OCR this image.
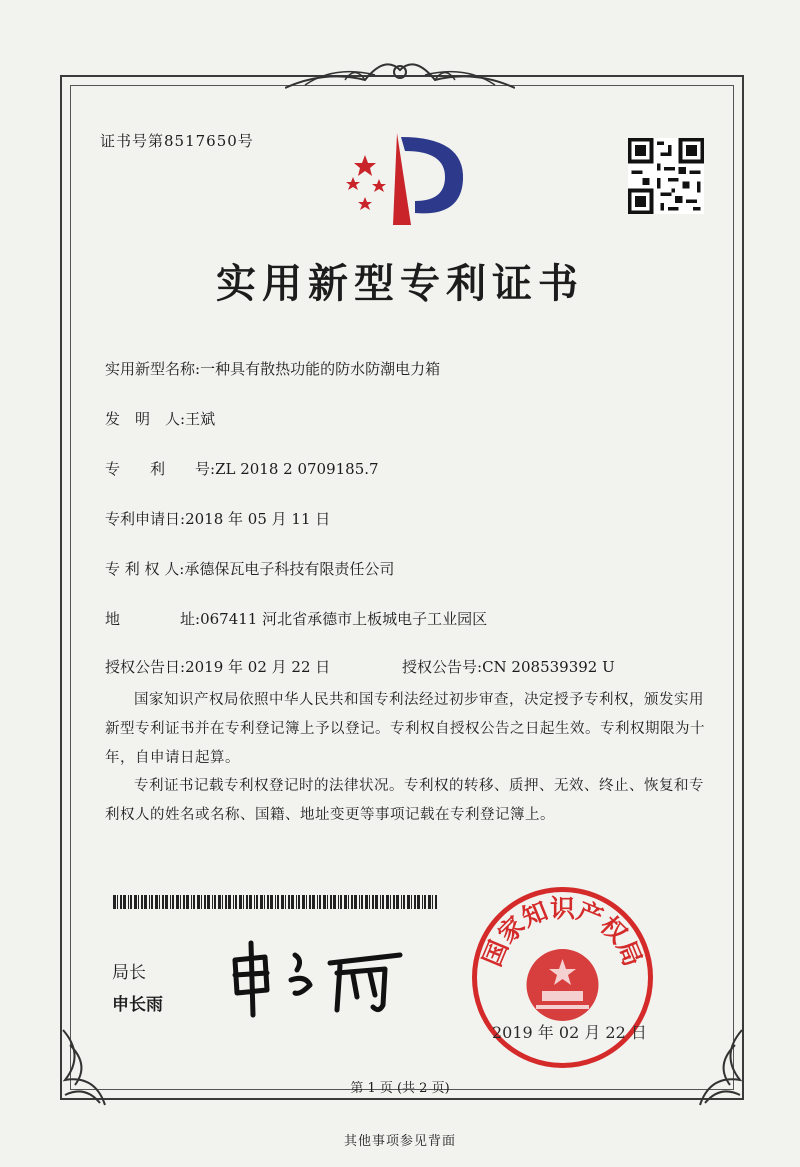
证书号第8517650号
实用新型专利证书
实用新型名称:一种具有散热功能的防水防潮电力箱
发　明　人:王斌
专　　利　　号:ZL 2018 2 0709185.7
专利申请日:2018 年 05 月 11 日
专 利 权 人:承德保瓦电子科技有限责任公司
地　　　　址:067411 河北省承德市上板城电子工业园区
授权公告日:2019 年 02 月 22 日	授权公告号:CN 208539392 U
国家知识产权局依照中华人民共和国专利法经过初步审查，决定授予专利权，颁发实用新型专利证书并在专利登记簿上予以登记。专利权自授权公告之日起生效。专利权期限为十年，自申请日起算。
专利证书记载专利权登记时的法律状况。专利权的转移、质押、无效、终止、恢复和专利权人的姓名或名称、国籍、地址变更等事项记载在专利登记簿上。
局长
申长雨
国家知识产权局
2019 年 02 月 22 日
第 1 页 (共 2 页)
其他事项参见背面
